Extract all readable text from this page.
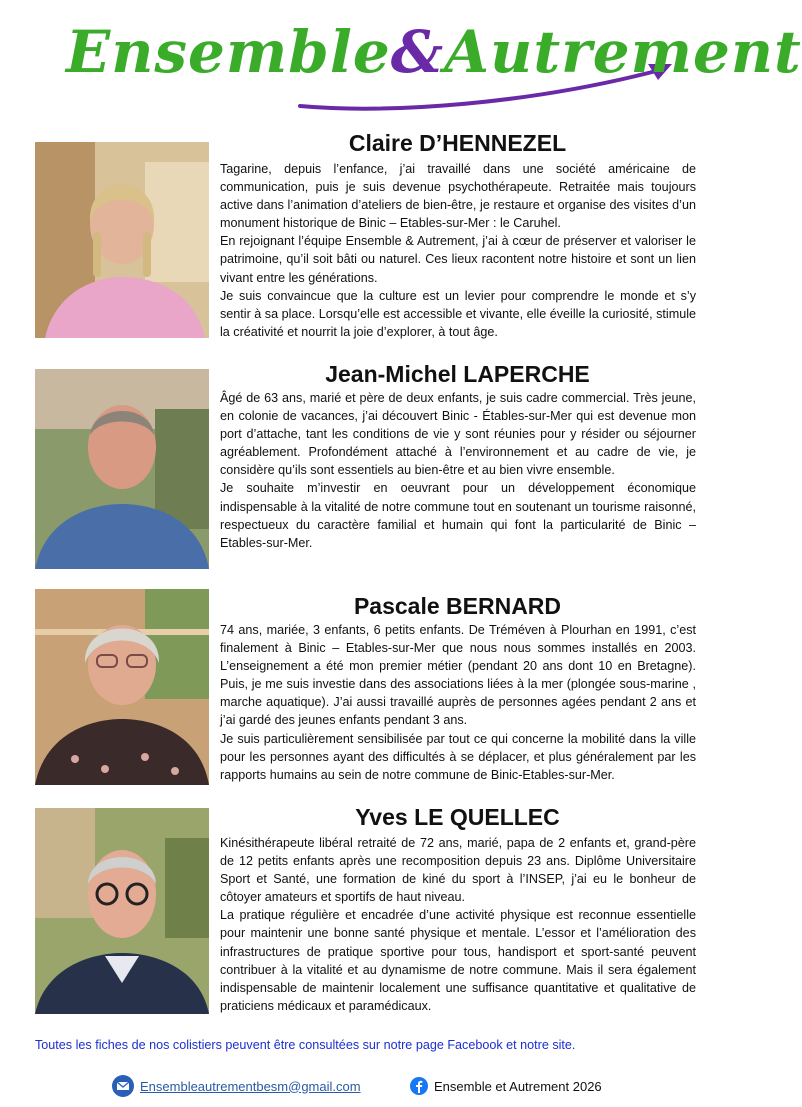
Ensemble&Autrement
Claire D’HENNEZEL

Tagarine, depuis l’enfance, j’ai travaillé dans une société américaine de communication, puis je suis devenue psychothérapeute. Retraitée mais toujours active dans l’animation d’ateliers de bien-être, je restaure et organise des visites d’un monument historique de Binic – Etables-sur-Mer : le Caruhel.

En rejoignant l’équipe Ensemble & Autrement, j’ai à cœur de préserver et valoriser le patrimoine, qu’il soit bâti ou naturel. Ces lieux racontent notre histoire et sont un lien vivant entre les générations.

Je suis convaincue que la culture est un levier pour comprendre le monde et s’y sentir à sa place. Lorsqu’elle est accessible et vivante, elle éveille la curiosité, stimule la créativité et nourrit la joie d’explorer, à tout âge.

Jean-Michel LAPERCHE

Âgé de 63 ans, marié et père de deux enfants, je suis cadre commercial. Très jeune, en colonie de vacances, j’ai découvert Binic - Étables-sur-Mer qui est devenue mon port d’attache, tant les conditions de vie y sont réunies pour y résider ou séjourner agréablement. Profondément attaché à l’environnement et au cadre de vie, je considère qu’ils sont essentiels au bien-être et au bien vivre ensemble.

Je souhaite m’investir en oeuvrant pour un développement économique indispensable à la vitalité de notre commune tout en soutenant un tourisme raisonné, respectueux du caractère familial et humain qui font la particularité de Binic – Etables-sur-Mer.

Pascale BERNARD

74 ans, mariée, 3 enfants, 6 petits enfants. De Tréméven à Plourhan en 1991, c’est finalement à Binic – Etables-sur-Mer que nous nous sommes installés en 2003. L’enseignement a été mon premier métier (pendant 20 ans dont 10 en Bretagne). Puis, je me suis investie dans des associations liées à la mer (plongée sous-marine , marche aquatique). J’ai aussi travaillé auprès de personnes agées pendant 2 ans et j’ai gardé des jeunes enfants pendant 3 ans.

Je suis particulièrement sensibilisée par tout ce qui concerne la mobilité dans la ville pour les personnes ayant des difficultés à se déplacer, et plus généralement par les rapports humains au sein de notre commune de Binic-Etables-sur-Mer.

Yves LE QUELLEC

Kinésithérapeute libéral retraité de 72 ans, marié, papa de 2 enfants et, grand-père de 12 petits enfants après une recomposition depuis 23 ans. Diplôme Universitaire Sport et Santé, une formation de kiné du sport à l’INSEP, j’ai eu le bonheur de côtoyer amateurs et sportifs de haut niveau.

La pratique régulière et encadrée d’une activité physique est reconnue essentielle pour maintenir une bonne santé physique et mentale. L’essor et l’amélioration des infrastructures de pratique sportive pour tous, handisport et sport-santé peuvent contribuer à la vitalité et au dynamisme de notre commune. Mais il sera également indispensable de maintenir localement une suffisance quantitative et qualitative de praticiens médicaux et paramédicaux.

Toutes les fiches de nos colistiers peuvent être consultées sur notre page Facebook et notre site.
Ensembleautrementbesm@gmail.com	Ensemble et Autrement 2026
